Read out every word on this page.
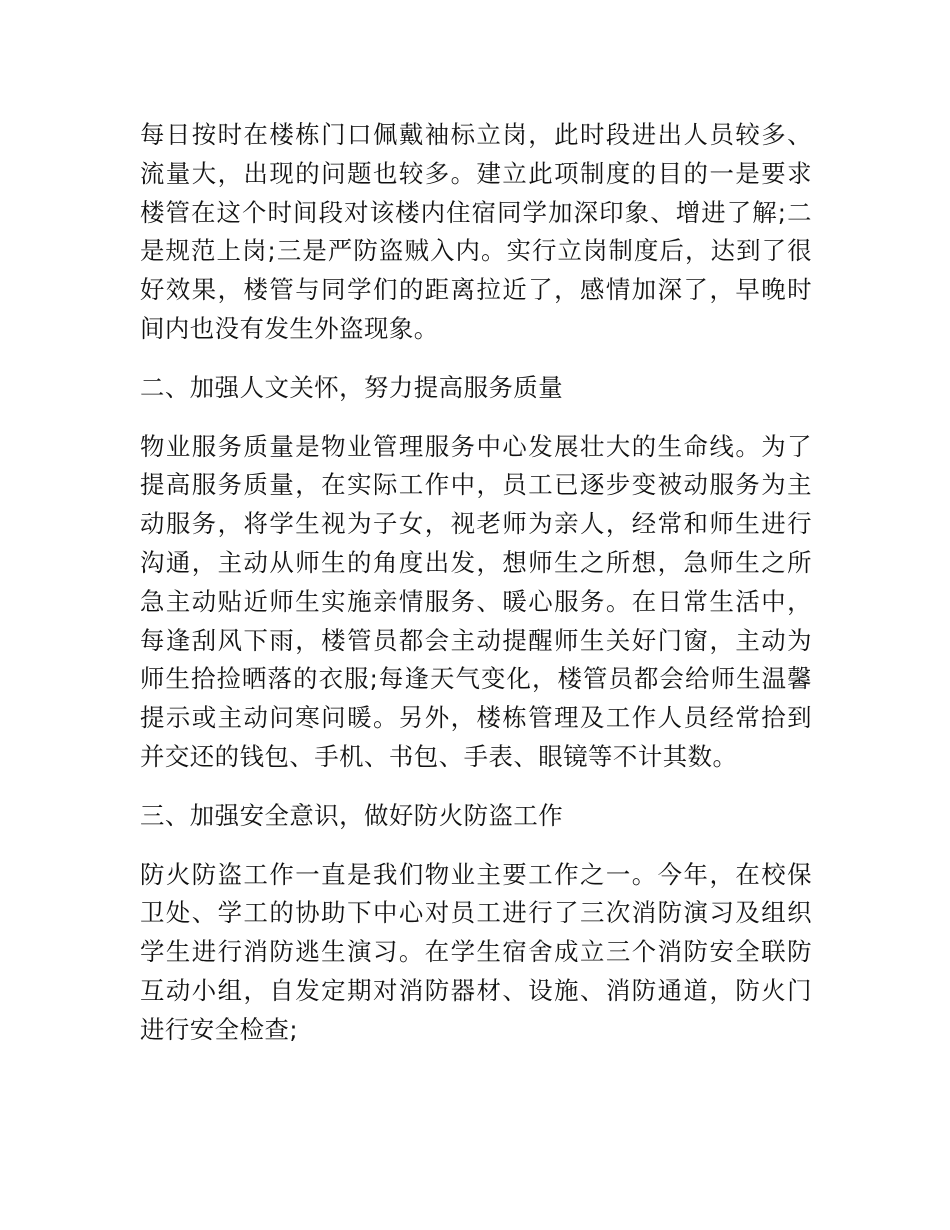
每日按时在楼栋门口佩戴袖标立岗，此时段进出人员较多、流量大，出现的问题也较多。建立此项制度的目的一是要求楼管在这个时间段对该楼内住宿同学加深印象、增进了解;二是规范上岗;三是严防盗贼入内。实行立岗制度后，达到了很好效果，楼管与同学们的距离拉近了，感情加深了，早晚时间内也没有发生外盗现象。

二、加强人文关怀，努力提高服务质量

物业服务质量是物业管理服务中心发展壮大的生命线。为了提高服务质量，在实际工作中，员工已逐步变被动服务为主动服务，将学生视为子女，视老师为亲人，经常和师生进行沟通，主动从师生的角度出发，想师生之所想，急师生之所急主动贴近师生实施亲情服务、暖心服务。在日常生活中，每逢刮风下雨，楼管员都会主动提醒师生关好门窗，主动为师生拾捡晒落的衣服;每逢天气变化，楼管员都会给师生温馨提示或主动问寒问暖。另外，楼栋管理及工作人员经常拾到并交还的钱包、手机、书包、手表、眼镜等不计其数。

三、加强安全意识，做好防火防盗工作

防火防盗工作一直是我们物业主要工作之一。今年，在校保卫处、学工的协助下中心对员工进行了三次消防演习及组织学生进行消防逃生演习。在学生宿舍成立三个消防安全联防互动小组，自发定期对消防器材、设施、消防通道，防火门进行安全检查;
